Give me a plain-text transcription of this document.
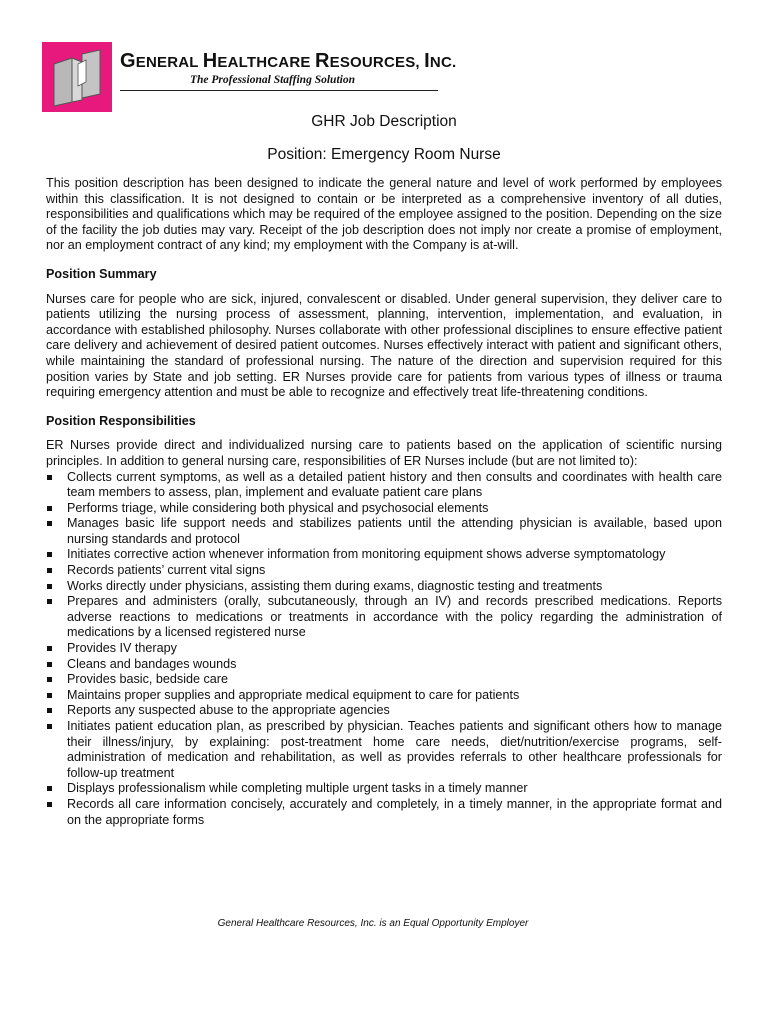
GENERAL HEALTHCARE RESOURCES, INC.
The Professional Staffing Solution
GHR Job Description
Position: Emergency Room Nurse

This position description has been designed to indicate the general nature and level of work performed by employees within this classification. It is not designed to contain or be interpreted as a comprehensive inventory of all duties, responsibilities and qualifications which may be required of the employee assigned to the position. Depending on the size of the facility the job duties may vary. Receipt of the job description does not imply nor create a promise of employment, nor an employment contract of any kind; my employment with the Company is at-will.

Position Summary

Nurses care for people who are sick, injured, convalescent or disabled. Under general supervision, they deliver care to patients utilizing the nursing process of assessment, planning, intervention, implementation, and evaluation, in accordance with established philosophy. Nurses collaborate with other professional disciplines to ensure effective patient care delivery and achievement of desired patient outcomes. Nurses effectively interact with patient and significant others, while maintaining the standard of professional nursing. The nature of the direction and supervision required for this position varies by State and job setting. ER Nurses provide care for patients from various types of illness or trauma requiring emergency attention and must be able to recognize and effectively treat life-threatening conditions.

Position Responsibilities

ER Nurses provide direct and individualized nursing care to patients based on the application of scientific nursing principles. In addition to general nursing care, responsibilities of ER Nurses include (but are not limited to):

Collects current symptoms, as well as a detailed patient history and then consults and coordinates with health care team members to assess, plan, implement and evaluate patient care plans
Performs triage, while considering both physical and psychosocial elements
Manages basic life support needs and stabilizes patients until the attending physician is available, based upon nursing standards and protocol
Initiates corrective action whenever information from monitoring equipment shows adverse symptomatology
Records patients’ current vital signs
Works directly under physicians, assisting them during exams, diagnostic testing and treatments
Prepares and administers (orally, subcutaneously, through an IV) and records prescribed medications. Reports adverse reactions to medications or treatments in accordance with the policy regarding the administration of medications by a licensed registered nurse
Provides IV therapy
Cleans and bandages wounds
Provides basic, bedside care
Maintains proper supplies and appropriate medical equipment to care for patients
Reports any suspected abuse to the appropriate agencies
Initiates patient education plan, as prescribed by physician. Teaches patients and significant others how to manage their illness/injury, by explaining: post-treatment home care needs, diet/nutrition/exercise programs, self-administration of medication and rehabilitation, as well as provides referrals to other healthcare professionals for follow-up treatment
Displays professionalism while completing multiple urgent tasks in a timely manner
Records all care information concisely, accurately and completely, in a timely manner, in the appropriate format and on the appropriate forms
General Healthcare Resources, Inc. is an Equal Opportunity Employer
